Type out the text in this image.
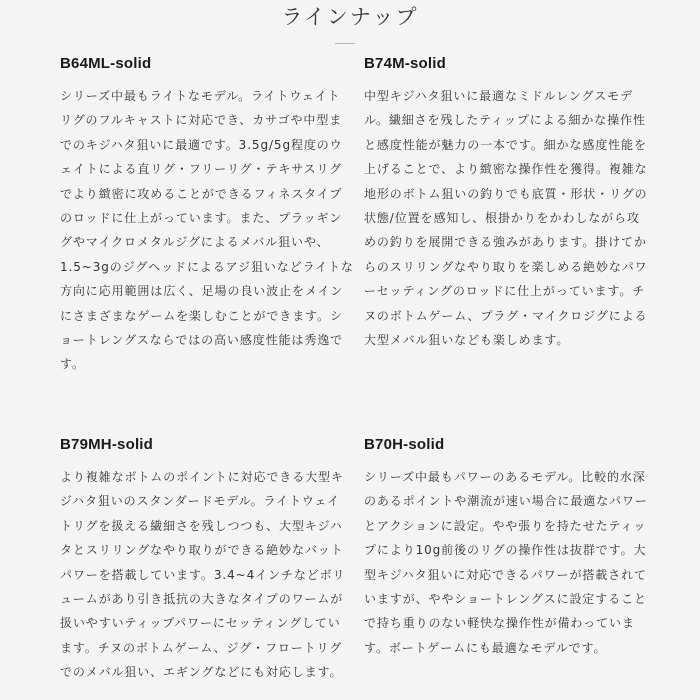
ラインナップ
B64ML-solid

シリーズ中最もライトなモデル。ライトウェイト
リグのフルキャストに対応でき、カサゴや中型ま
でのキジハタ狙いに最適です。3.5g/5g程度のウ
ェイトによる直リグ・フリーリグ・テキサスリグ
でより緻密に攻めることができるフィネスタイプ
のロッドに仕上がっています。また、プラッギン
グやマイクロメタルジグによるメバル狙いや、
1.5~3gのジグヘッドによるアジ狙いなどライトな
方向に応用範囲は広く、足場の良い波止をメイン
にさまざまなゲームを楽しむことができます。シ
ョートレングスならではの高い感度性能は秀逸で
す。

B74M-solid

中型キジハタ狙いに最適なミドルレングスモデ
ル。繊細さを残したティップによる細かな操作性
と感度性能が魅力の一本です。細かな感度性能を
上げることで、より緻密な操作性を獲得。複雑な
地形のボトム狙いの釣りでも底質・形状・リグの
状態/位置を感知し、根掛かりをかわしながら攻
めの釣りを展開できる強みがあります。掛けてか
らのスリリングなやり取りを楽しめる絶妙なパワ
ーセッティングのロッドに仕上がっています。チ
ヌのボトムゲーム、プラグ・マイクロジグによる
大型メバル狙いなども楽しめます。

B79MH-solid

より複雑なボトムのポイントに対応できる大型キ
ジハタ狙いのスタンダードモデル。ライトウェイ
トリグを扱える繊細さを残しつつも、大型キジハ
タとスリリングなやり取りができる絶妙なバット
パワーを搭載しています。3.4~4インチなどボリ
ュームがあり引き抵抗の大きなタイプのワームが
扱いやすいティップパワーにセッティングしてい
ます。チヌのボトムゲーム、ジグ・フロートリグ
でのメバル狙い、エギングなどにも対応します。

B70H-solid

シリーズ中最もパワーのあるモデル。比較的水深
のあるポイントや潮流が速い場合に最適なパワー
とアクションに設定。やや張りを持たせたティッ
プにより10g前後のリグの操作性は抜群です。大
型キジハタ狙いに対応できるパワーが搭載されて
いますが、ややショートレングスに設定すること
で持ち重りのない軽快な操作性が備わっていま
す。ボートゲームにも最適なモデルです。
